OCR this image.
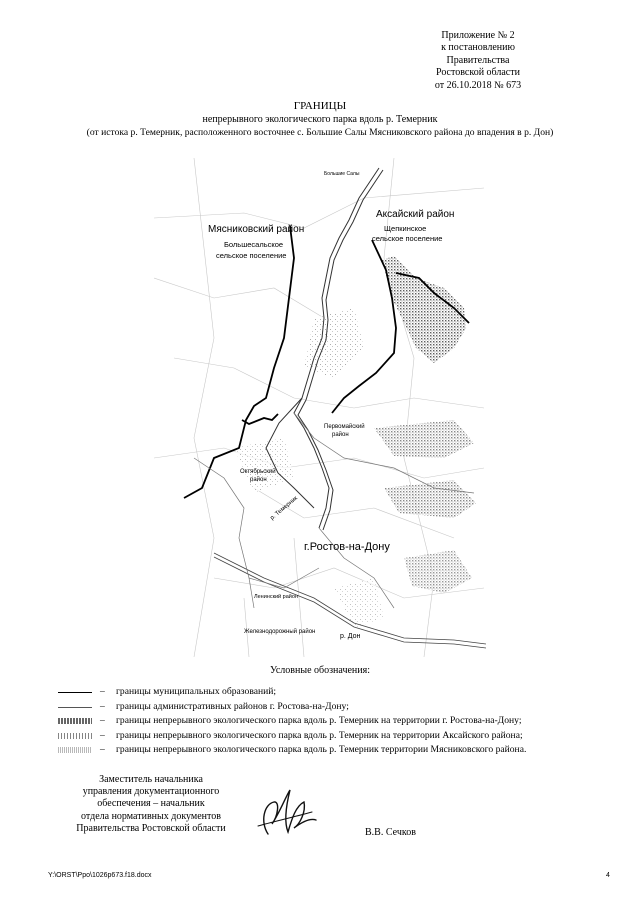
Приложение № 2
к постановлению
Правительства
Ростовской области
от 26.10.2018 № 673
ГРАНИЦЫ
непрерывного экологического парка вдоль р. Темерник
(от истока р. Темерник, расположенного восточнее с. Большие Салы Мясниковского района до впадения в р. Дон)
Мясниковский район
Большесальское
сельское поселение
Аксайский район
Щепкинское
сельское поселение
Большие Салы
Первомайский
район
Октябрьский
район
р. Темерник
г.Ростов-на-Дону
Ленинский район
Железнодорожный район
р. Дон
Условные обозначения:
– границы муниципальных образований;
– границы административных районов г. Ростова-на-Дону;
– границы непрерывного экологического парка вдоль р. Темерник на территории г. Ростова-на-Дону;
– границы непрерывного экологического парка вдоль р. Темерник на территории Аксайского района;
– границы непрерывного экологического парка вдоль р. Темерник территории Мясниковского района.
Заместитель начальника
управления документационного
обеспечения – начальник
отдела нормативных документов
Правительства Ростовской области	В.В. Сечков
Y:\ORST\Ppo\1026p673.f18.docx	4
